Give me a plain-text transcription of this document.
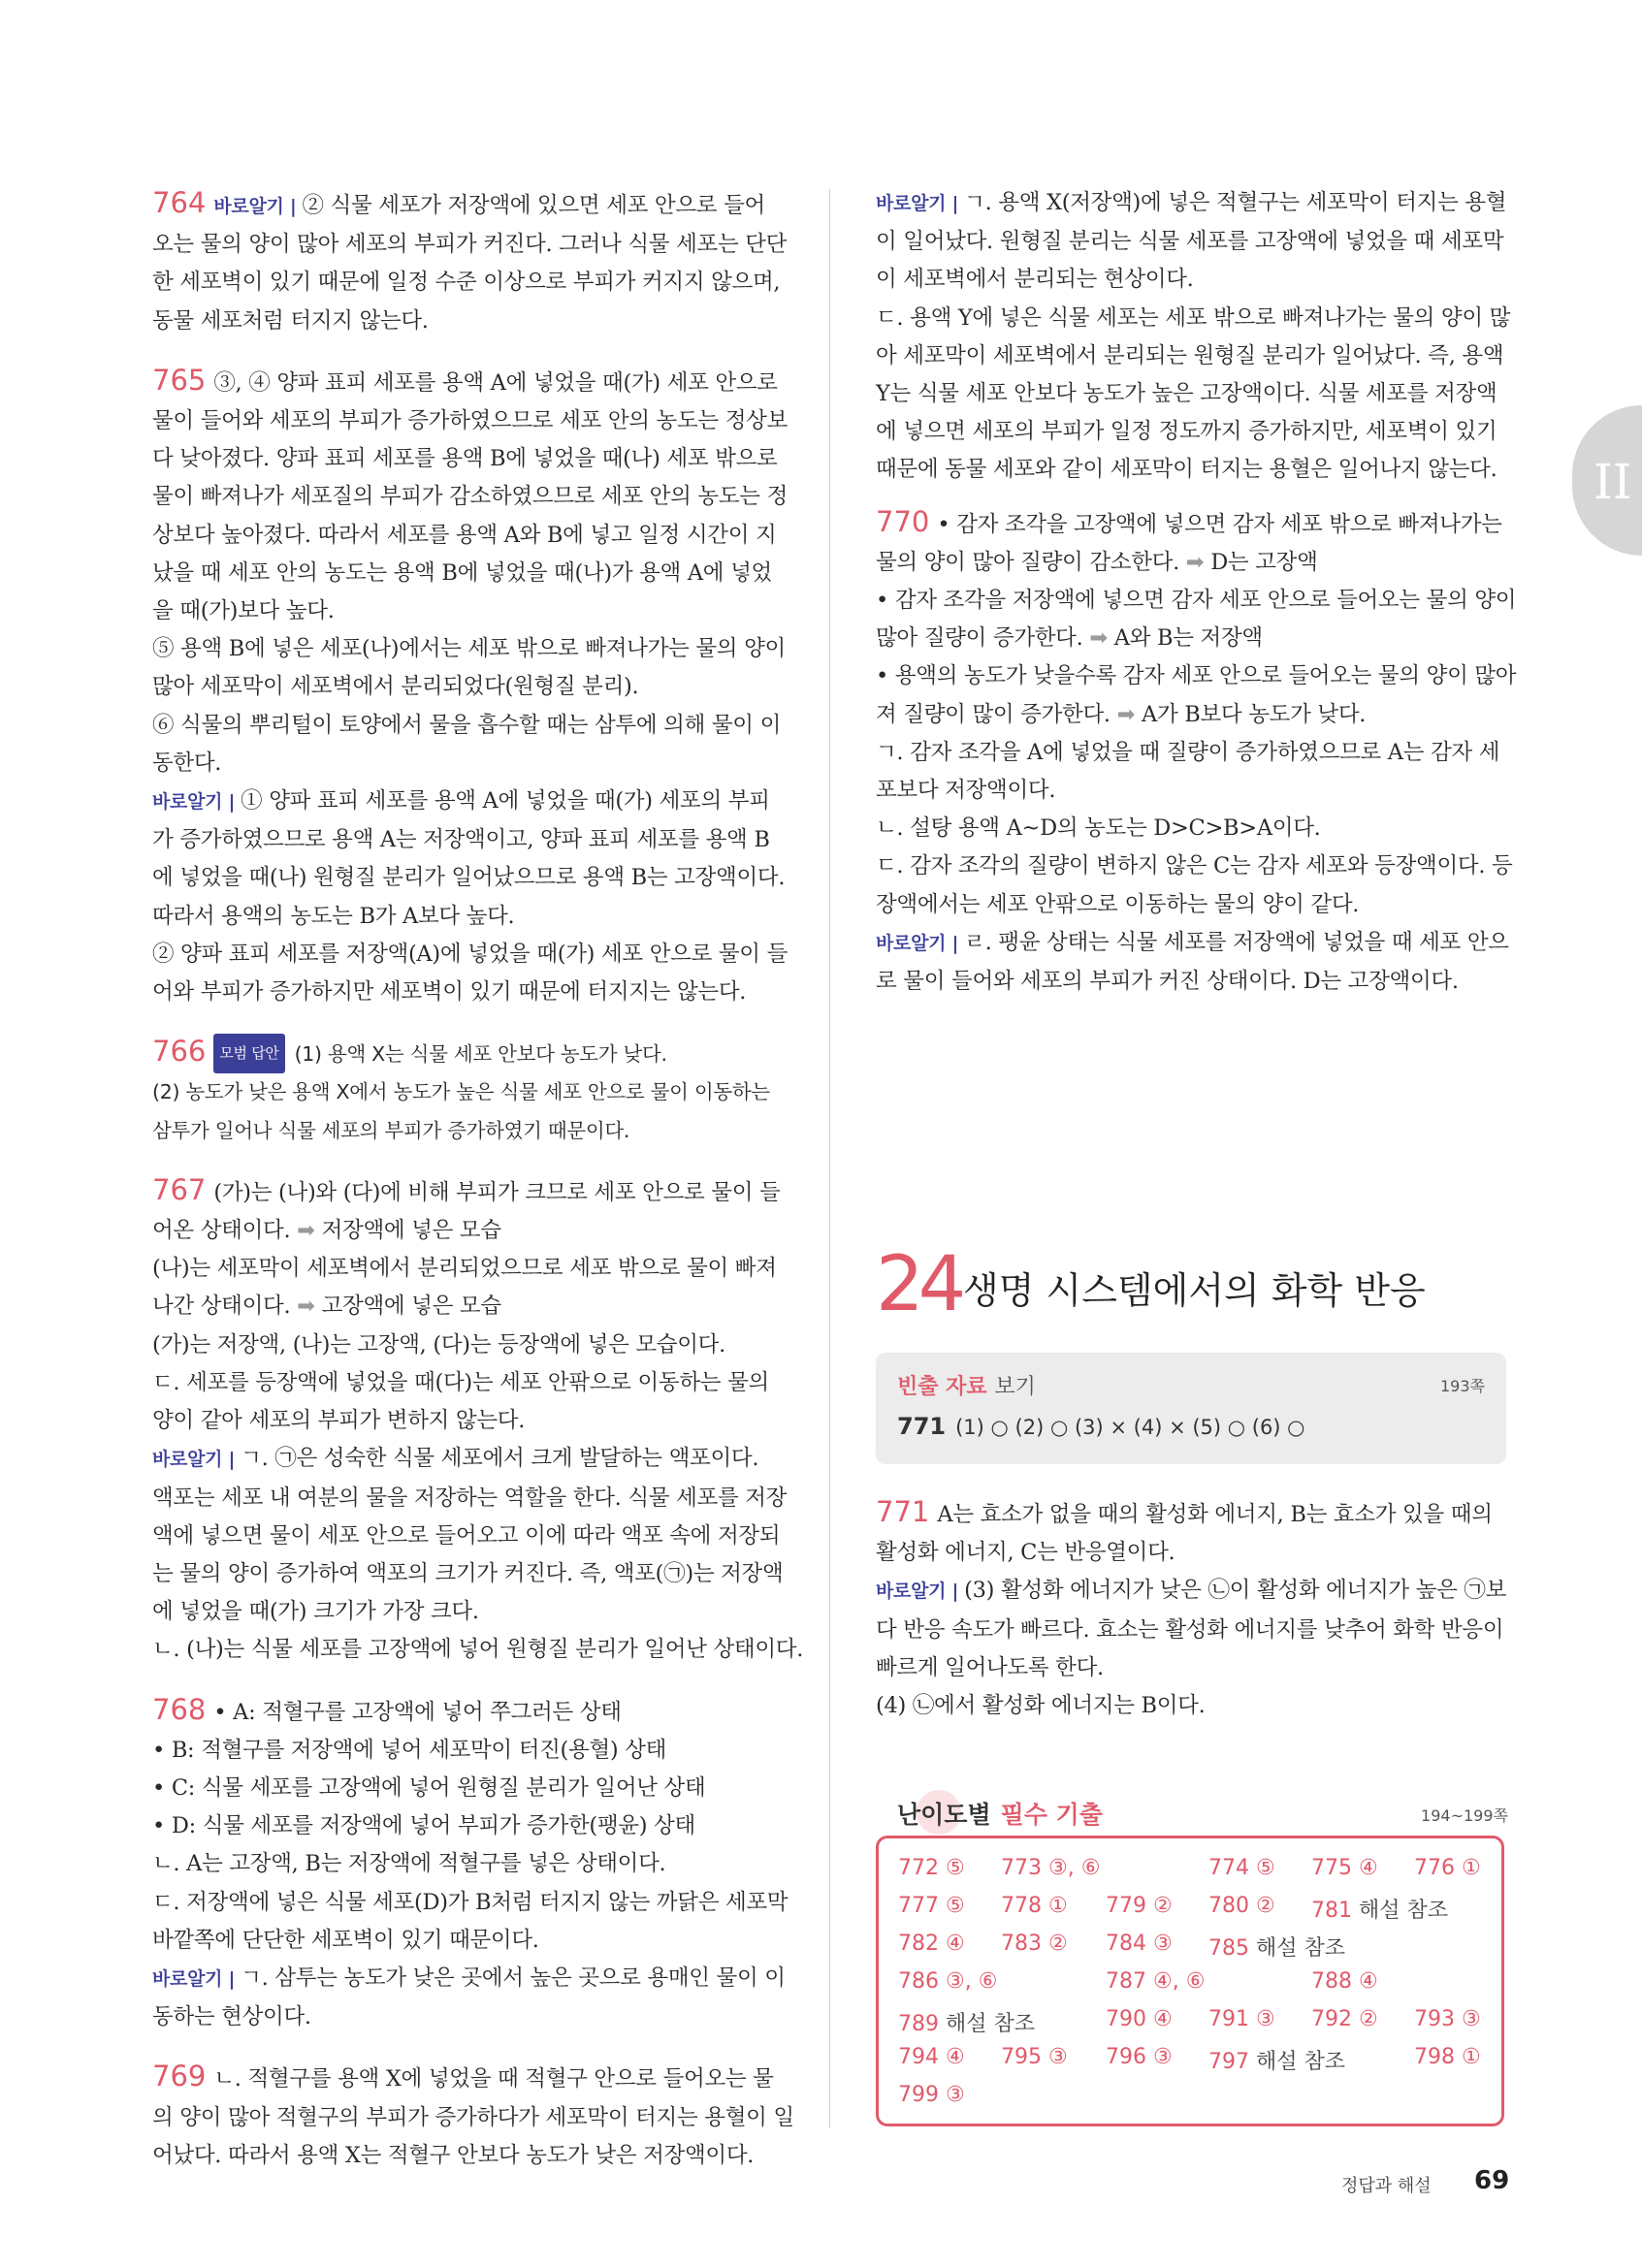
764 바로알기 | ② 식물 세포가 저장액에 있으면 세포 안으로 들어
오는 물의 양이 많아 세포의 부피가 커진다. 그러나 식물 세포는 단단
한 세포벽이 있기 때문에 일정 수준 이상으로 부피가 커지지 않으며,
동물 세포처럼 터지지 않는다.
765 ③, ④ 양파 표피 세포를 용액 A에 넣었을 때(가) 세포 안으로
물이 들어와 세포의 부피가 증가하였으므로 세포 안의 농도는 정상보
다 낮아졌다. 양파 표피 세포를 용액 B에 넣었을 때(나) 세포 밖으로
물이 빠져나가 세포질의 부피가 감소하였으므로 세포 안의 농도는 정
상보다 높아졌다. 따라서 세포를 용액 A와 B에 넣고 일정 시간이 지
났을 때 세포 안의 농도는 용액 B에 넣었을 때(나)가 용액 A에 넣었
을 때(가)보다 높다.
⑤ 용액 B에 넣은 세포(나)에서는 세포 밖으로 빠져나가는 물의 양이
많아 세포막이 세포벽에서 분리되었다(원형질 분리).
⑥ 식물의 뿌리털이 토양에서 물을 흡수할 때는 삼투에 의해 물이 이
동한다.
바로알기 | ① 양파 표피 세포를 용액 A에 넣었을 때(가) 세포의 부피
가 증가하였으므로 용액 A는 저장액이고, 양파 표피 세포를 용액 B
에 넣었을 때(나) 원형질 분리가 일어났으므로 용액 B는 고장액이다.
따라서 용액의 농도는 B가 A보다 높다.
② 양파 표피 세포를 저장액(A)에 넣었을 때(가) 세포 안으로 물이 들
어와 부피가 증가하지만 세포벽이 있기 때문에 터지지는 않는다.
766 모범 답안 (1) 용액 X는 식물 세포 안보다 농도가 낮다.
(2) 농도가 낮은 용액 X에서 농도가 높은 식물 세포 안으로 물이 이동하는
삼투가 일어나 식물 세포의 부피가 증가하였기 때문이다.
767 (가)는 (나)와 (다)에 비해 부피가 크므로 세포 안으로 물이 들
어온 상태이다. ➡ 저장액에 넣은 모습
(나)는 세포막이 세포벽에서 분리되었으므로 세포 밖으로 물이 빠져
나간 상태이다. ➡ 고장액에 넣은 모습
(가)는 저장액, (나)는 고장액, (다)는 등장액에 넣은 모습이다.
ㄷ. 세포를 등장액에 넣었을 때(다)는 세포 안팎으로 이동하는 물의
양이 같아 세포의 부피가 변하지 않는다.
바로알기 | ㄱ. ㉠은 성숙한 식물 세포에서 크게 발달하는 액포이다.
액포는 세포 내 여분의 물을 저장하는 역할을 한다. 식물 세포를 저장
액에 넣으면 물이 세포 안으로 들어오고 이에 따라 액포 속에 저장되
는 물의 양이 증가하여 액포의 크기가 커진다. 즉, 액포(㉠)는 저장액
에 넣었을 때(가) 크기가 가장 크다.
ㄴ. (나)는 식물 세포를 고장액에 넣어 원형질 분리가 일어난 상태이다.
768 • A: 적혈구를 고장액에 넣어 쭈그러든 상태
• B: 적혈구를 저장액에 넣어 세포막이 터진(용혈) 상태
• C: 식물 세포를 고장액에 넣어 원형질 분리가 일어난 상태
• D: 식물 세포를 저장액에 넣어 부피가 증가한(팽윤) 상태
ㄴ. A는 고장액, B는 저장액에 적혈구를 넣은 상태이다.
ㄷ. 저장액에 넣은 식물 세포(D)가 B처럼 터지지 않는 까닭은 세포막
바깥쪽에 단단한 세포벽이 있기 때문이다.
바로알기 | ㄱ. 삼투는 농도가 낮은 곳에서 높은 곳으로 용매인 물이 이
동하는 현상이다.
769 ㄴ. 적혈구를 용액 X에 넣었을 때 적혈구 안으로 들어오는 물
의 양이 많아 적혈구의 부피가 증가하다가 세포막이 터지는 용혈이 일
어났다. 따라서 용액 X는 적혈구 안보다 농도가 낮은 저장액이다.
바로알기 | ㄱ. 용액 X(저장액)에 넣은 적혈구는 세포막이 터지는 용혈
이 일어났다. 원형질 분리는 식물 세포를 고장액에 넣었을 때 세포막
이 세포벽에서 분리되는 현상이다.
ㄷ. 용액 Y에 넣은 식물 세포는 세포 밖으로 빠져나가는 물의 양이 많
아 세포막이 세포벽에서 분리되는 원형질 분리가 일어났다. 즉, 용액
Y는 식물 세포 안보다 농도가 높은 고장액이다. 식물 세포를 저장액
에 넣으면 세포의 부피가 일정 정도까지 증가하지만, 세포벽이 있기
때문에 동물 세포와 같이 세포막이 터지는 용혈은 일어나지 않는다.
770 • 감자 조각을 고장액에 넣으면 감자 세포 밖으로 빠져나가는
물의 양이 많아 질량이 감소한다. ➡ D는 고장액
• 감자 조각을 저장액에 넣으면 감자 세포 안으로 들어오는 물의 양이
많아 질량이 증가한다. ➡ A와 B는 저장액
• 용액의 농도가 낮을수록 감자 세포 안으로 들어오는 물의 양이 많아
져 질량이 많이 증가한다. ➡ A가 B보다 농도가 낮다.
ㄱ. 감자 조각을 A에 넣었을 때 질량이 증가하였으므로 A는 감자 세
포보다 저장액이다.
ㄴ. 설탕 용액 A~D의 농도는 D>C>B>A이다.
ㄷ. 감자 조각의 질량이 변하지 않은 C는 감자 세포와 등장액이다. 등
장액에서는 세포 안팎으로 이동하는 물의 양이 같다.
바로알기 | ㄹ. 팽윤 상태는 식물 세포를 저장액에 넣었을 때 세포 안으
로 물이 들어와 세포의 부피가 커진 상태이다. D는 고장액이다.
II
24 생명 시스템에서의 화학 반응
빈출 자료 보기	193쪽
771 (1) ○ (2) ○ (3) × (4) × (5) ○ (6) ○
771 A는 효소가 없을 때의 활성화 에너지, B는 효소가 있을 때의
활성화 에너지, C는 반응열이다.
바로알기 | (3) 활성화 에너지가 낮은 ㉡이 활성화 에너지가 높은 ㉠보
다 반응 속도가 빠르다. 효소는 활성화 에너지를 낮추어 화학 반응이
빠르게 일어나도록 한다.
(4) ㉡에서 활성화 에너지는 B이다.
난이도별 필수 기출	194~199쪽
772 ⑤ 773 ③, ⑥	774 ⑤ 775 ④ 776 ①
777 ⑤ 778 ① 779 ② 780 ② 781 해설 참조
782 ④ 783 ② 784 ③ 785 해설 참조
786 ③, ⑥	787 ④, ⑥	788 ④
789 해설 참조	790 ④ 791 ③ 792 ② 793 ③
794 ④ 795 ③ 796 ③ 797 해설 참조	798 ①
799 ③
정답과 해설 69
